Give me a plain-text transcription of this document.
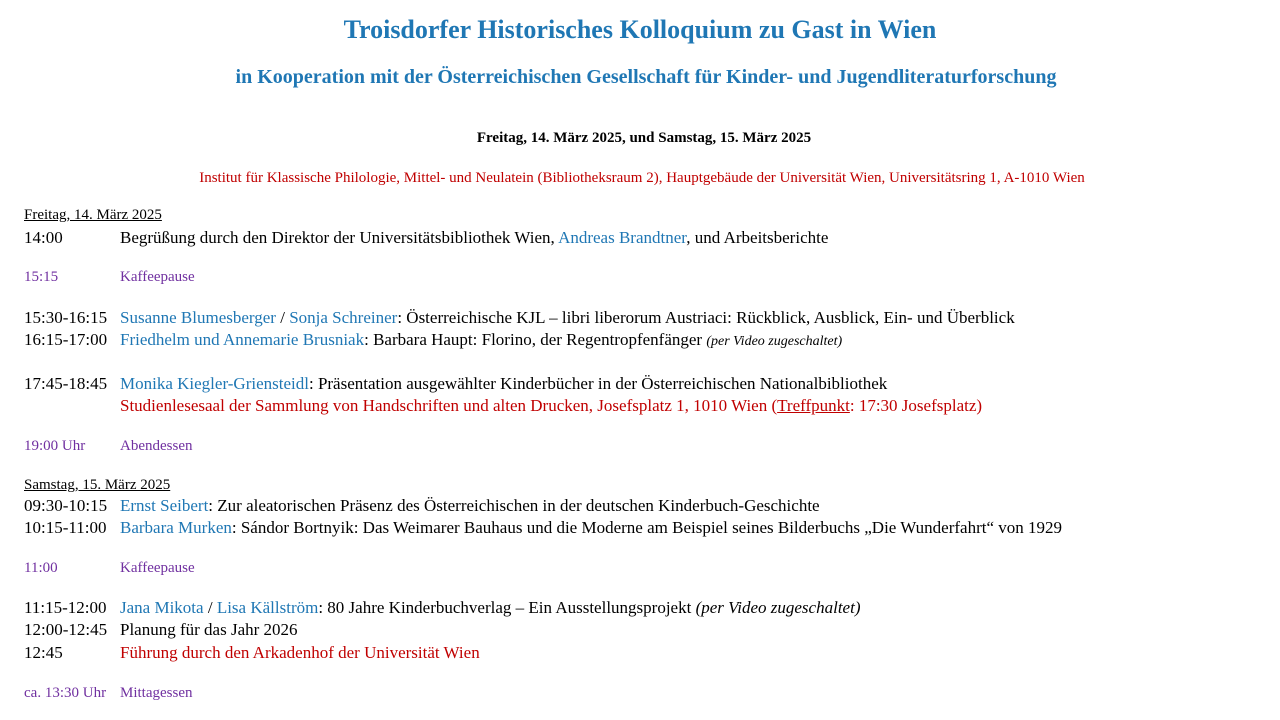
Troisdorfer Historisches Kolloquium zu Gast in Wien
in Kooperation mit der Österreichischen Gesellschaft für Kinder- und Jugendliteraturforschung
Freitag, 14. März 2025, und Samstag, 15. März 2025
Institut für Klassische Philologie, Mittel- und Neulatein (Bibliotheksraum 2), Hauptgebäude der Universität Wien, Universitätsring 1, A-1010 Wien
Freitag, 14. März 2025
14:00	Begrüßung durch den Direktor der Universitätsbibliothek Wien, Andreas Brandtner, und Arbeitsberichte
15:15	Kaffeepause
15:30-16:15 Susanne Blumesberger / Sonja Schreiner: Österreichische KJL – libri liberorum Austriaci: Rückblick, Ausblick, Ein- und Überblick
16:15-17:00 Friedhelm und Annemarie Brusniak: Barbara Haupt: Florino, der Regentropfenfänger (per Video zugeschaltet)
17:45-18:45 Monika Kiegler-Griensteidl: Präsentation ausgewählter Kinderbücher in der Österreichischen Nationalbibliothek
Studienlesesaal der Sammlung von Handschriften und alten Drucken, Josefsplatz 1, 1010 Wien (Treffpunkt: 17:30 Josefsplatz)
19:00 Uhr Abendessen
Samstag, 15. März 2025
09:30-10:15 Ernst Seibert: Zur aleatorischen Präsenz des Österreichischen in der deutschen Kinderbuch-Geschichte
10:15-11:00 Barbara Murken: Sándor Bortnyik: Das Weimarer Bauhaus und die Moderne am Beispiel seines Bilderbuchs „Die Wunderfahrt“ von 1929
11:00	Kaffeepause
11:15-12:00 Jana Mikota / Lisa Källström: 80 Jahre Kinderbuchverlag – Ein Ausstellungsprojekt (per Video zugeschaltet)
12:00-12:45 Planung für das Jahr 2026
12:45	Führung durch den Arkadenhof der Universität Wien
ca. 13:30 Uhr Mittagessen
